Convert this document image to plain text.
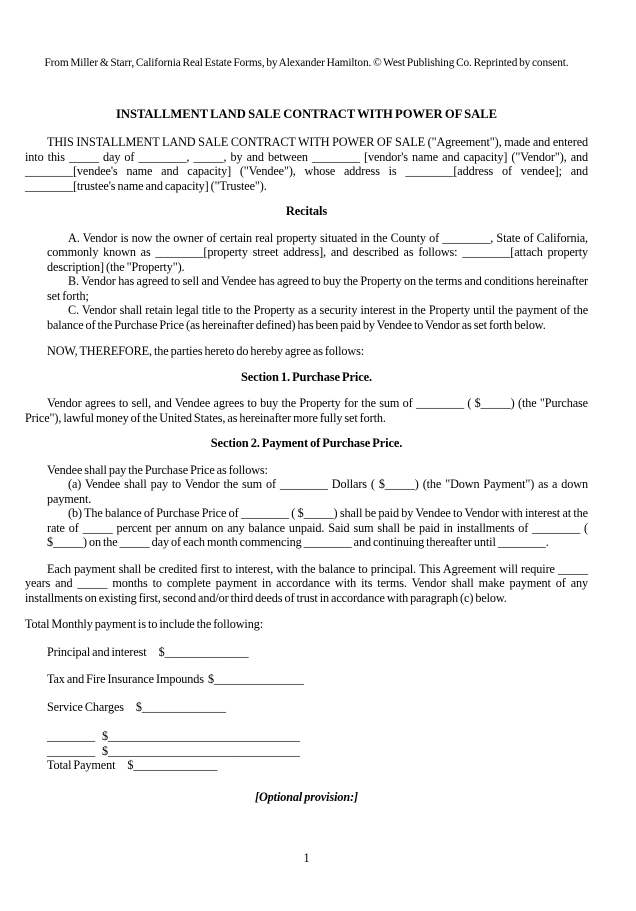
From Miller & Starr, California Real Estate Forms, by Alexander Hamilton. © West Publishing Co. Reprinted by consent.

INSTALLMENT LAND SALE CONTRACT WITH POWER OF SALE

THIS INSTALLMENT LAND SALE CONTRACT WITH POWER OF SALE ("Agreement"), made and entered into this _____ day of ________, _____, by and between ________ [vendor's name and capacity] ("Vendor"), and ________[vendee's name and capacity] ("Vendee"), whose address is ________[address of vendee]; and ________[trustee's name and capacity] ("Trustee").

Recitals

A. Vendor is now the owner of certain real property situated in the County of ________, State of California, commonly known as ________[property street address], and described as follows: ________[attach property description] (the "Property").

B. Vendor has agreed to sell and Vendee has agreed to buy the Property on the terms and conditions hereinafter set forth;

C. Vendor shall retain legal title to the Property as a security interest in the Property until the payment of the balance of the Purchase Price (as hereinafter defined) has been paid by Vendee to Vendor as set forth below.

NOW, THEREFORE, the parties hereto do hereby agree as follows:

Section 1. Purchase Price.

Vendor agrees to sell, and Vendee agrees to buy the Property for the sum of ________ ( $_____) (the "Purchase Price"), lawful money of the United States, as hereinafter more fully set forth.

Section 2. Payment of Purchase Price.

Vendee shall pay the Purchase Price as follows:

(a) Vendee shall pay to Vendor the sum of ________ Dollars ( $_____) (the "Down Payment") as a down payment.

(b) The balance of Purchase Price of ________ ( $_____) shall be paid by Vendee to Vendor with interest at the rate of _____ percent per annum on any balance unpaid. Said sum shall be paid in installments of ________ ( $_____) on the _____ day of each month commencing ________ and continuing thereafter until ________.

Each payment shall be credited first to interest, with the balance to principal. This Agreement will require _____ years and _____ months to complete payment in accordance with its terms. Vendor shall make payment of any installments on existing first, second and/or third deeds of trust in accordance with paragraph (c) below.

Total Monthly payment is to include the following:

Principal and interest $______________
Tax and Fire Insurance Impounds $_______________
Service Charges $______________
________ $________________________________
________ $________________________________
Total Payment $______________

[Optional provision:]

1
